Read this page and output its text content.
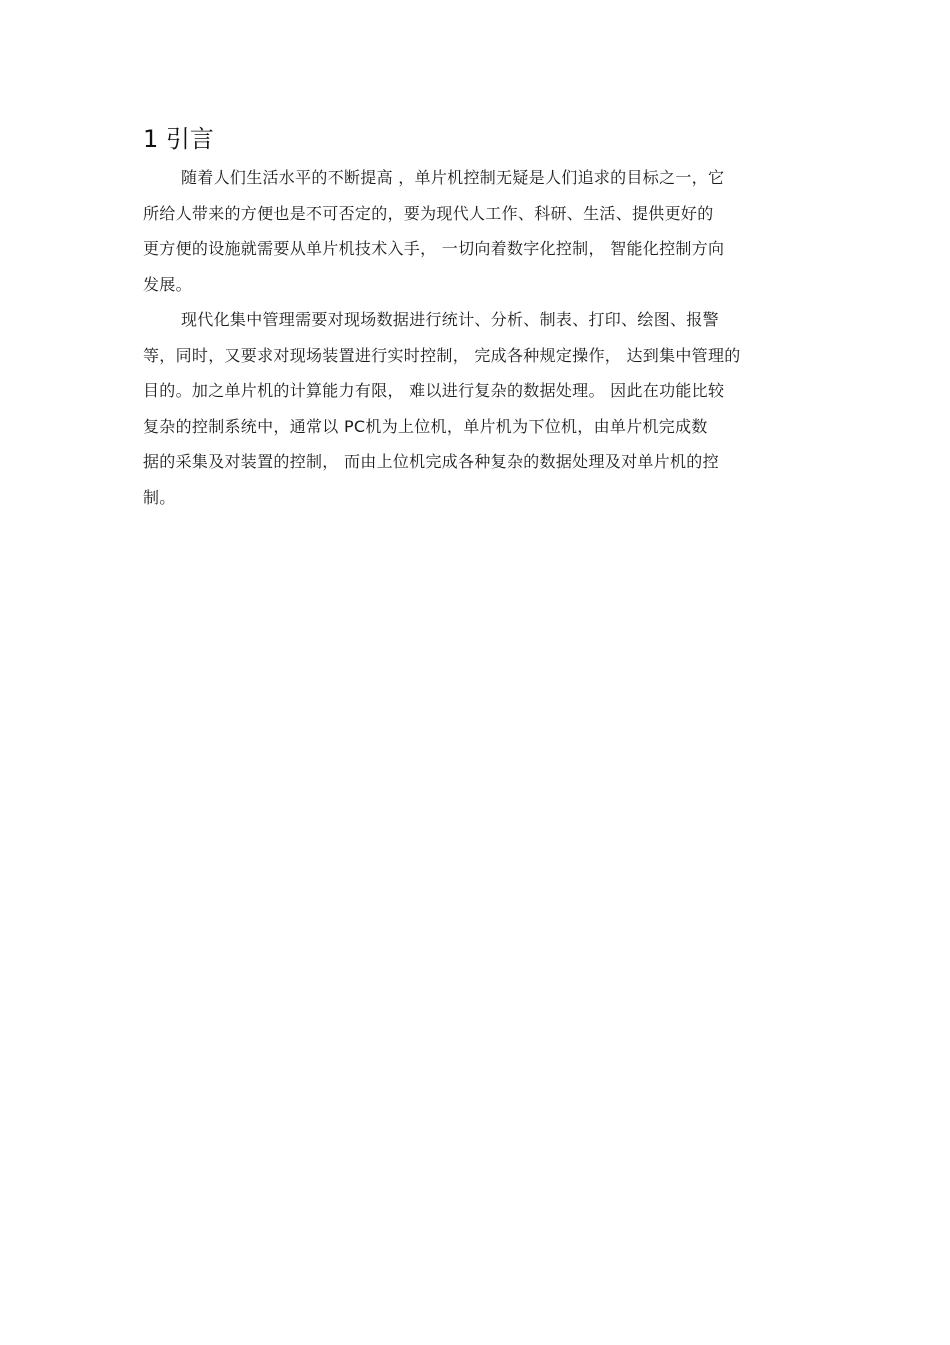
1 引言

随着人们生活水平的不断提高 ，单片机控制无疑是人们追求的目标之一，它
所给人带来的方便也是不可否定的，要为现代人工作、科研、生活、提供更好的
更方便的设施就需要从单片机技术入手， 一切向着数字化控制， 智能化控制方向
发展。

现代化集中管理需要对现场数据进行统计、分析、制表、打印、绘图、报警
等，同时，又要求对现场装置进行实时控制， 完成各种规定操作， 达到集中管理的
目的。加之单片机的计算能力有限， 难以进行复杂的数据处理。 因此在功能比较
复杂的控制系统中，通常以 PC机为上位机，单片机为下位机，由单片机完成数
据的采集及对装置的控制， 而由上位机完成各种复杂的数据处理及对单片机的控
制。
